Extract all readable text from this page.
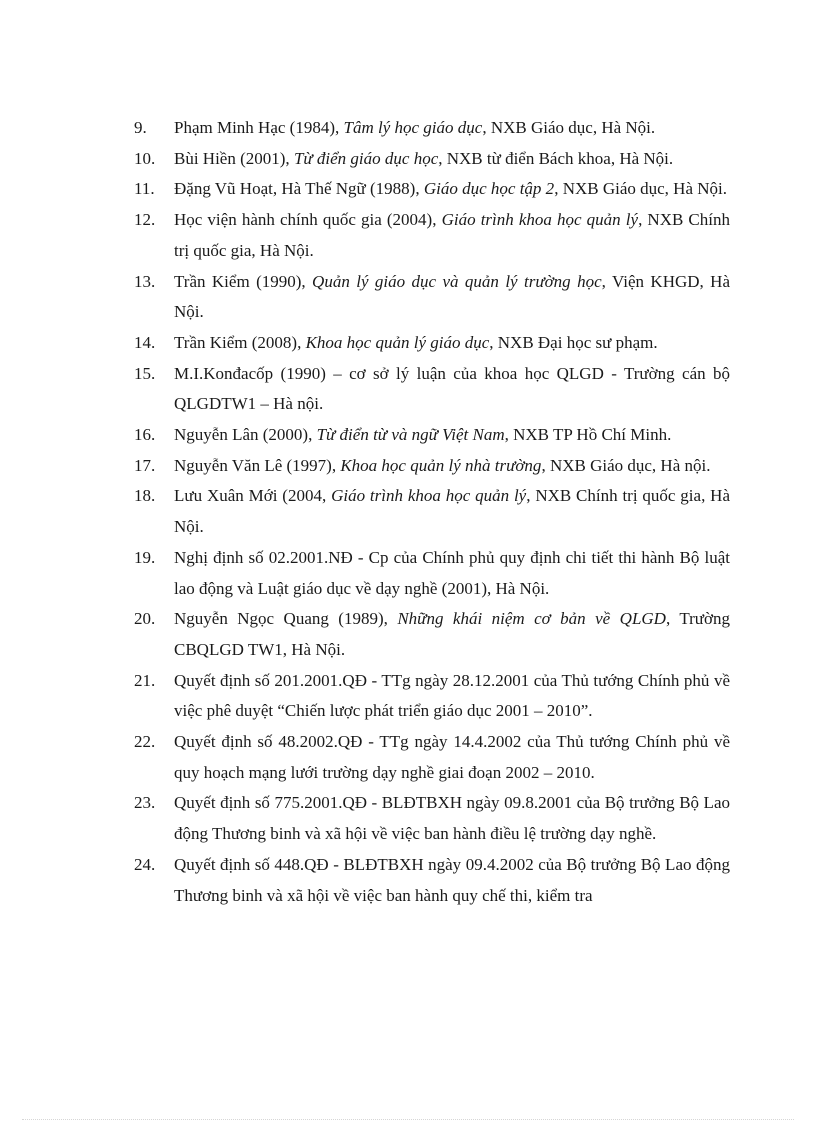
9.	Phạm Minh Hạc (1984), Tâm lý học giáo dục, NXB Giáo dục, Hà Nội.
10.	Bùi Hiền (2001), Từ điển giáo dục học, NXB từ điển Bách khoa, Hà Nội.
11.	Đặng Vũ Hoạt, Hà Thế Ngữ (1988), Giáo dục học tập 2, NXB Giáo dục, Hà Nội.
12.	Học viện hành chính quốc gia (2004), Giáo trình khoa học quản lý, NXB Chính trị quốc gia, Hà Nội.
13.	Trần Kiểm (1990), Quản lý giáo dục và quản lý trường học, Viện KHGD, Hà Nội.
14.	Trần Kiểm (2008), Khoa học quản lý giáo dục, NXB Đại học sư phạm.
15.	M.I.Konđacốp (1990) – cơ sở lý luận của khoa học QLGD - Trường cán bộ QLGDTW1 – Hà nội.
16.	Nguyễn Lân (2000), Từ điển từ và ngữ Việt Nam, NXB TP Hồ Chí Minh.
17.	Nguyễn Văn Lê (1997), Khoa học quản lý nhà trường, NXB Giáo dục, Hà nội.
18.	Lưu Xuân Mới (2004, Giáo trình khoa học quản lý, NXB Chính trị quốc gia, Hà Nội.
19.	Nghị định số 02.2001.NĐ - Cp của Chính phủ quy định chi tiết thi hành Bộ luật lao động và Luật giáo dục về dạy nghề (2001), Hà Nội.
20.	Nguyễn Ngọc Quang (1989), Những khái niệm cơ bản về QLGD, Trường CBQLGD TW1, Hà Nội.
21.	Quyết định số 201.2001.QĐ - TTg ngày 28.12.2001 của Thủ tướng Chính phủ về việc phê duyệt “Chiến lược phát triển giáo dục 2001 – 2010”.
22.	Quyết định số 48.2002.QĐ - TTg ngày 14.4.2002 của Thủ tướng Chính phủ về quy hoạch mạng lưới trường dạy nghề giai đoạn 2002 – 2010.
23.	Quyết định số 775.2001.QĐ - BLĐTBXH ngày 09.8.2001 của Bộ trưởng Bộ Lao động Thương binh và xã hội về việc ban hành điều lệ trường dạy nghề.
24.	Quyết định số 448.QĐ - BLĐTBXH ngày 09.4.2002 của Bộ trưởng Bộ Lao động Thương binh và xã hội về việc ban hành quy chế thi, kiểm tra
